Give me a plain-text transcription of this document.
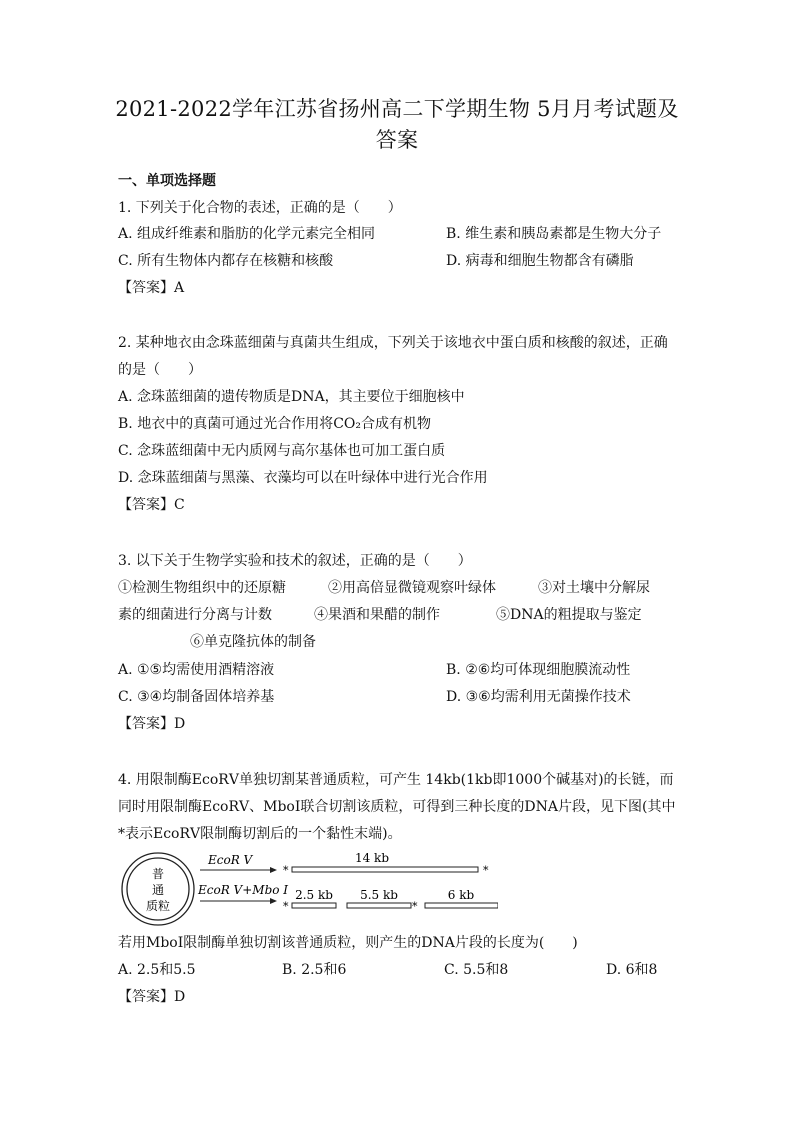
2021-2022学年江苏省扬州高二下学期生物 5月月考试题及
答案
一、单项选择题
1. 下列关于化合物的表述，正确的是（　　）
A. 组成纤维素和脂肪的化学元素完全相同	B. 维生素和胰岛素都是生物大分子
C. 所有生物体内都存在核糖和核酸	D. 病毒和细胞生物都含有磷脂
【答案】A
2. 某种地衣由念珠蓝细菌与真菌共生组成，下列关于该地衣中蛋白质和核酸的叙述，正确
的是（　　）
A. 念珠蓝细菌的遗传物质是DNA，其主要位于细胞核中
B. 地衣中的真菌可通过光合作用将CO₂合成有机物
C. 念珠蓝细菌中无内质网与高尔基体也可加工蛋白质
D. 念珠蓝细菌与黑藻、衣藻均可以在叶绿体中进行光合作用
【答案】C
3. 以下关于生物学实验和技术的叙述，正确的是（　　）
①检测生物组织中的还原糖　　　②用高倍显微镜观察叶绿体　　　③对土壤中分解尿
素的细菌进行分离与计数　　　④果酒和果醋的制作　　　　⑤DNA的粗提取与鉴定
⑥单克隆抗体的制备
A. ①⑤均需使用酒精溶液	B. ②⑥均可体现细胞膜流动性
C. ③④均制备固体培养基	D. ③⑥均需利用无菌操作技术
【答案】D
4. 用限制酶EcoRⅤ单独切割某普通质粒，可产生 14kb(1kb即1000个碱基对)的长链，而
同时用限制酶EcoRⅤ、MboⅠ联合切割该质粒，可得到三种长度的DNA片段，见下图(其中
*表示EcoRⅤ限制酶切割后的一个黏性末端)。
普
通
质粒
EcoR Ⅴ
EcoR Ⅴ+Mbo Ⅰ
*	*
14 kb
*
2.5 kb
*
5.5 kb	6 kb
若用MboⅠ限制酶单独切割该普通质粒，则产生的DNA片段的长度为(　　)
A. 2.5和5.5	B. 2.5和6	C. 5.5和8	D. 6和8
【答案】D
